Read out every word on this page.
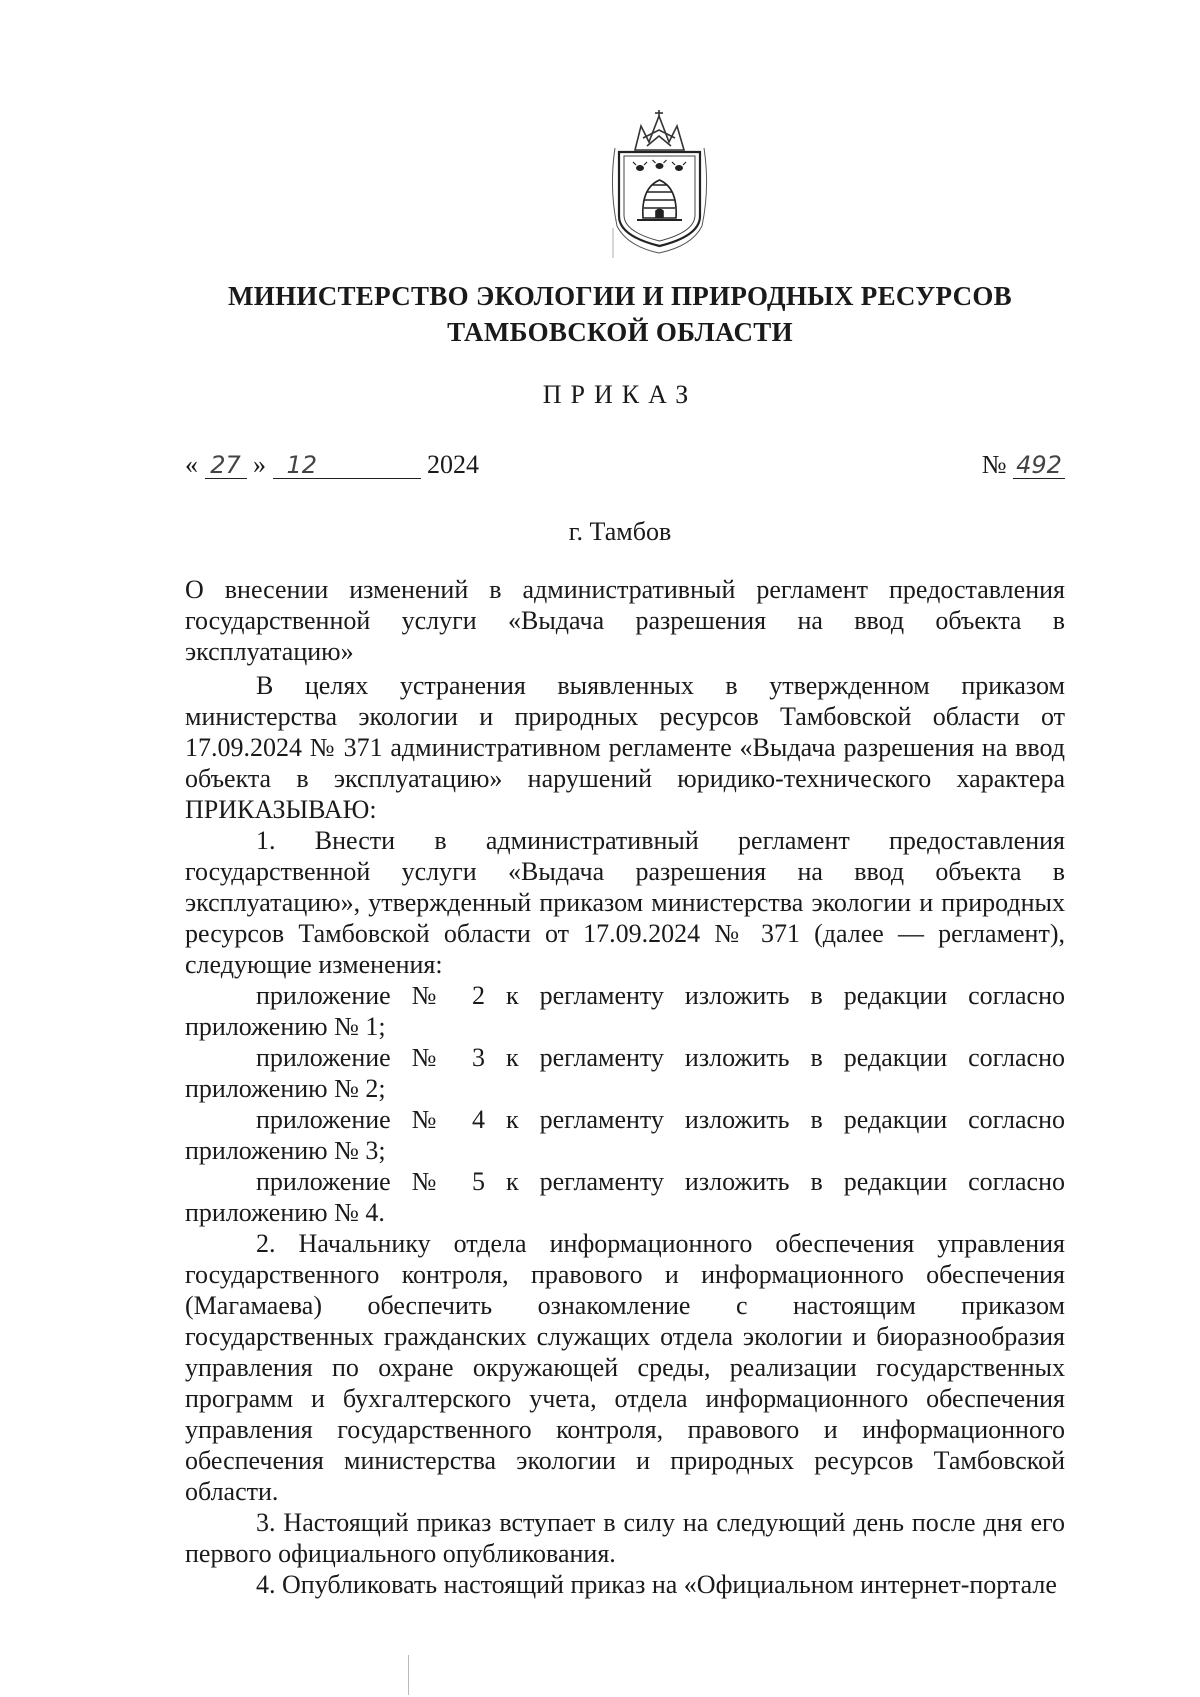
МИНИСТЕРСТВО ЭКОЛОГИИ И ПРИРОДНЫХ РЕСУРСОВ
ТАМБОВСКОЙ ОБЛАСТИ
ПРИКАЗ
« 27 » 12	2024	№ 492
г. Тамбов
О внесении изменений в административный регламент предоставления государственной услуги «Выдача разрешения на ввод объекта в эксплуатацию»

В целях устранения выявленных в утвержденном приказом министерства экологии и природных ресурсов Тамбовской области от 17.09.2024 № 371 административном регламенте «Выдача разрешения на ввод объекта в эксплуатацию» нарушений юридико-технического характера ПРИКАЗЫВАЮ:

1. Внести в административный регламент предоставления государственной услуги «Выдача разрешения на ввод объекта в эксплуатацию», утвержденный приказом министерства экологии и природных ресурсов Тамбовской области от 17.09.2024 № 371 (далее — регламент), следующие изменения:

приложение № 2 к регламенту изложить в редакции согласно приложению № 1;

приложение № 3 к регламенту изложить в редакции согласно приложению № 2;

приложение № 4 к регламенту изложить в редакции согласно приложению № 3;

приложение № 5 к регламенту изложить в редакции согласно приложению № 4.

2. Начальнику отдела информационного обеспечения управления государственного контроля, правового и информационного обеспечения (Магамаева) обеспечить ознакомление с настоящим приказом государственных гражданских служащих отдела экологии и биоразнообразия управления по охране окружающей среды, реализации государственных программ и бухгалтерского учета, отдела информационного обеспечения управления государственного контроля, правового и информационного обеспечения министерства экологии и природных ресурсов Тамбовской области.

3. Настоящий приказ вступает в силу на следующий день после дня его первого официального опубликования.

4. Опубликовать настоящий приказ на «Официальном интернет-портале
